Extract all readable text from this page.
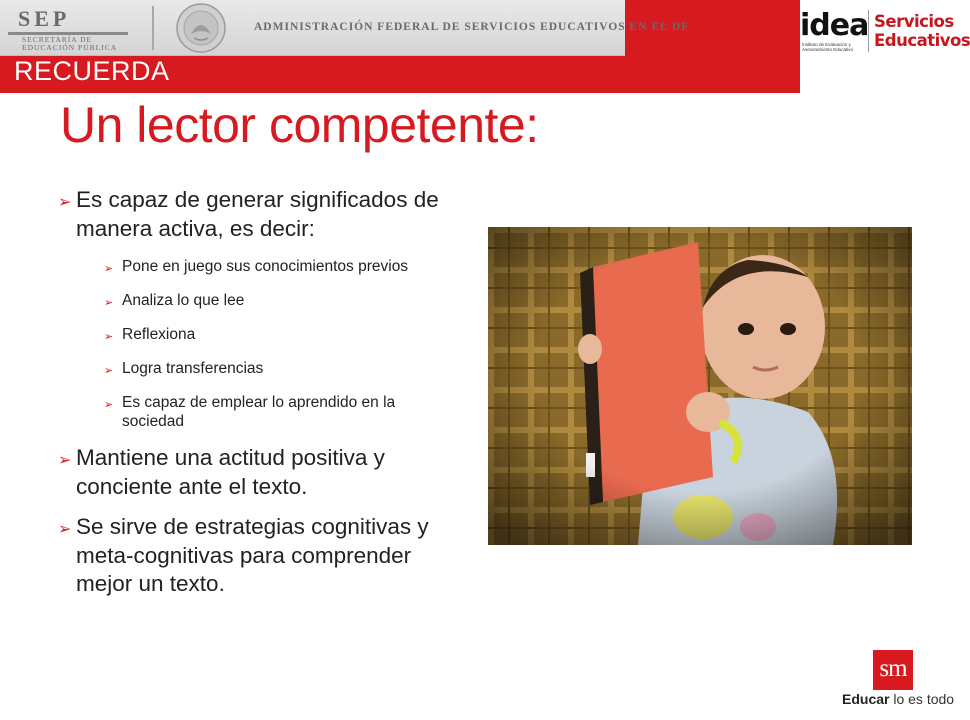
SEP
SECRETARÍA DE
EDUCACIÓN PÚBLICA
ADMINISTRACIÓN FEDERAL DE SERVICIOS EDUCATIVOS EN EL DF
RECUERDA
idea
Instituto de Evaluación y Asesoramiento Educativo
Servicios
Educativos
Un lector competente:
➢ Es capaz de generar significados de manera activa, es decir:
➢ Pone en juego sus conocimientos previos
➢ Analiza lo que lee
➢ Reflexiona
➢ Logra transferencias
➢ Es capaz de emplear lo aprendido en la sociedad
➢ Mantiene una actitud positiva y conciente ante el texto.
➢ Se sirve de estrategias cognitivas y meta-cognitivas para comprender mejor un texto.
sm
Educar lo es todo
